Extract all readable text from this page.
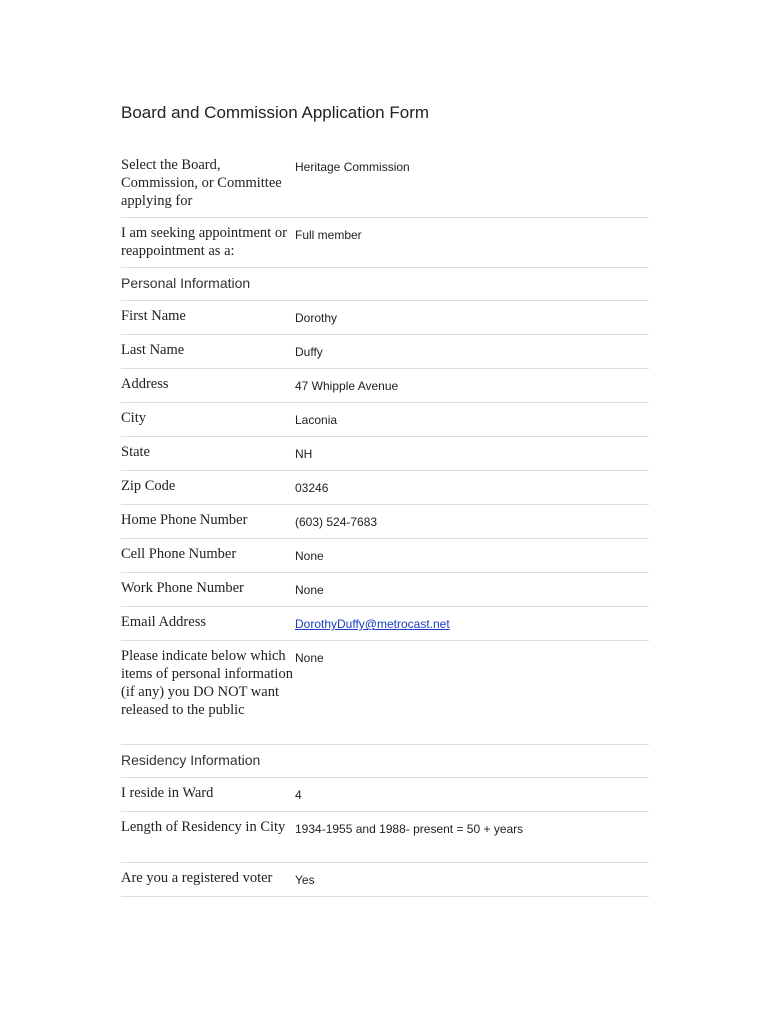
Board and Commission Application Form
Select the Board, Commission, or Committee applying for	Heritage Commission

I am seeking appointment or reappointment as a:	Full member

Personal Information	
First Name	Dorothy

Last Name	Duffy

Address	47 Whipple Avenue

City	Laconia

State	NH

Zip Code	03246

Home Phone Number	(603) 524-7683

Cell Phone Number	None

Work Phone Number	None

Email Address	DorothyDuffy@metrocast.net

Please indicate below which items of personal information (if any) you DO NOT want released to the public	None

Residency Information	
I reside in Ward	4

Length of Residency in City	1934-1955 and 1988- present = 50 + years

Are you a registered voter	Yes
